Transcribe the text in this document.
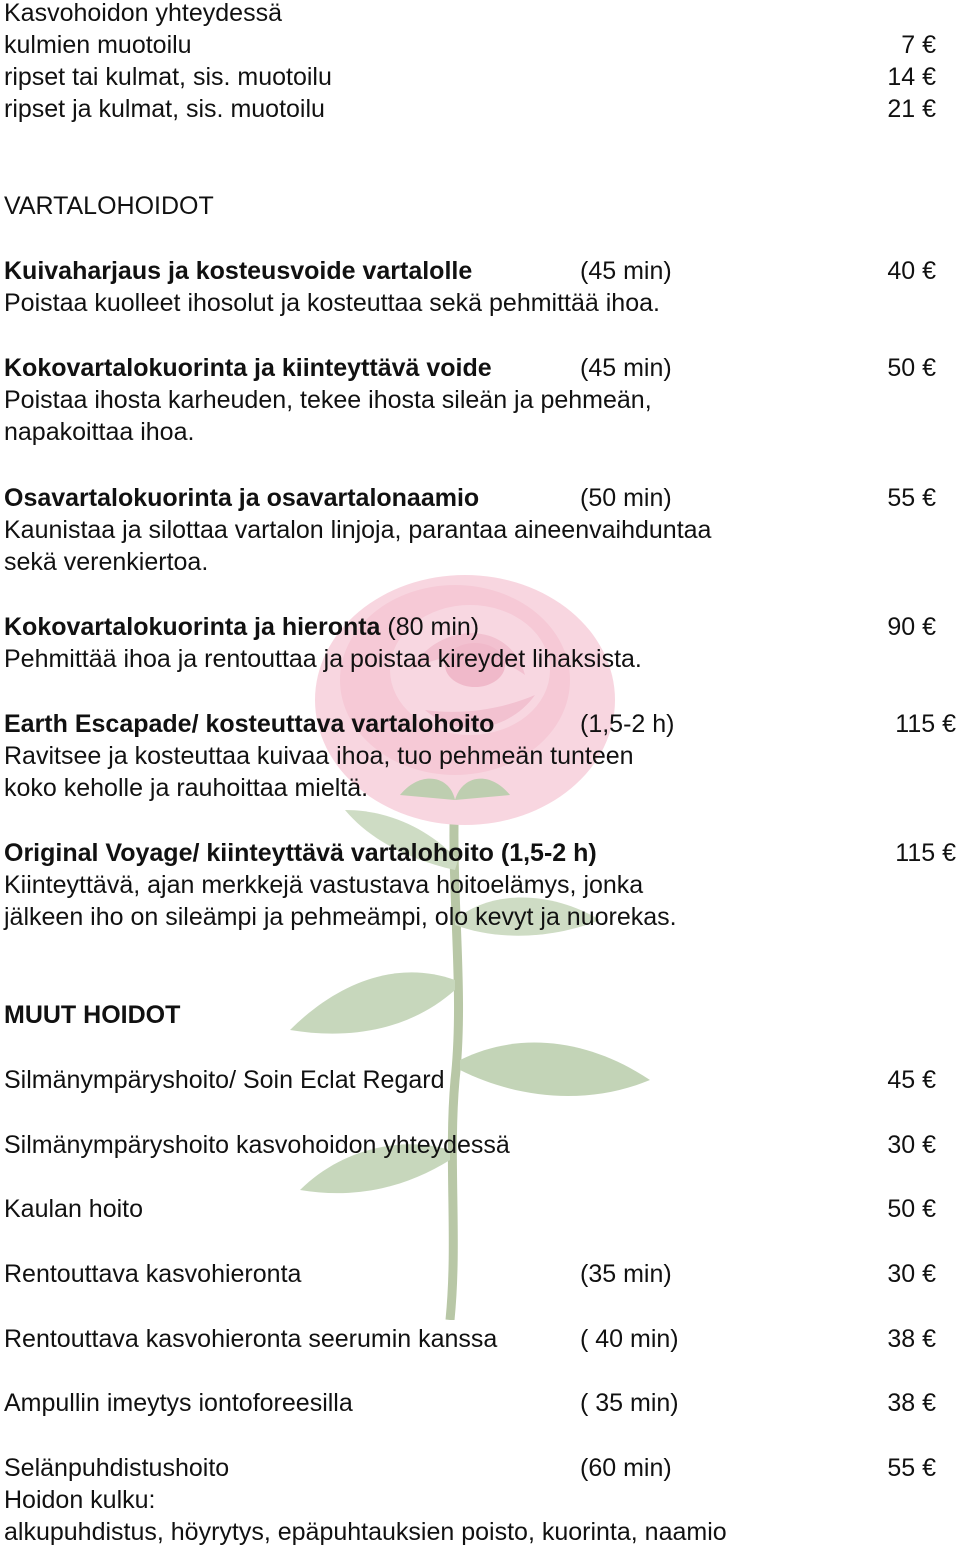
Kasvohoidon yhteydessä
kulmien muotoilu	7 €
ripset tai kulmat, sis. muotoilu	14 €
ripset ja kulmat, sis. muotoilu	21 €
VARTALOHOIDOT
Kuivaharjaus ja kosteusvoide vartalolle	(45 min)	40 €
Poistaa kuolleet ihosolut ja kosteuttaa sekä pehmittää ihoa.
Kokovartalokuorinta ja kiinteyttävä voide	(45 min)	50 €
Poistaa ihosta karheuden, tekee ihosta sileän ja pehmeän,
napakoittaa ihoa.
Osavartalokuorinta ja osavartalonaamio	(50 min)	55 €
Kaunistaa ja silottaa vartalon linjoja, parantaa aineenvaihduntaa
sekä verenkiertoa.
Kokovartalokuorinta ja hieronta (80 min)	90 €
Pehmittää ihoa ja rentouttaa ja poistaa kireydet lihaksista.
Earth Escapade/ kosteuttava vartalohoito	(1,5-2 h)	115 €
Ravitsee ja kosteuttaa kuivaa ihoa, tuo pehmeän tunteen
koko keholle ja rauhoittaa mieltä.
Original Voyage/ kiinteyttävä vartalohoito (1,5-2 h)	115 €
Kiinteyttävä, ajan merkkejä vastustava hoitoelämys, jonka
jälkeen iho on sileämpi ja pehmeämpi, olo kevyt ja nuorekas.
MUUT HOIDOT
Silmänympäryshoito/ Soin Eclat Regard	45 €
Silmänympäryshoito kasvohoidon yhteydessä	30 €
Kaulan hoito	50 €
Rentouttava kasvohieronta	(35 min)	30 €
Rentouttava kasvohieronta seerumin kanssa	( 40 min)	38 €
Ampullin imeytys iontoforeesilla	( 35 min)	38 €
Selänpuhdistushoito	(60 min)	55 €
Hoidon kulku:
alkupuhdistus, höyrytys, epäpuhtauksien poisto, kuorinta, naamio
